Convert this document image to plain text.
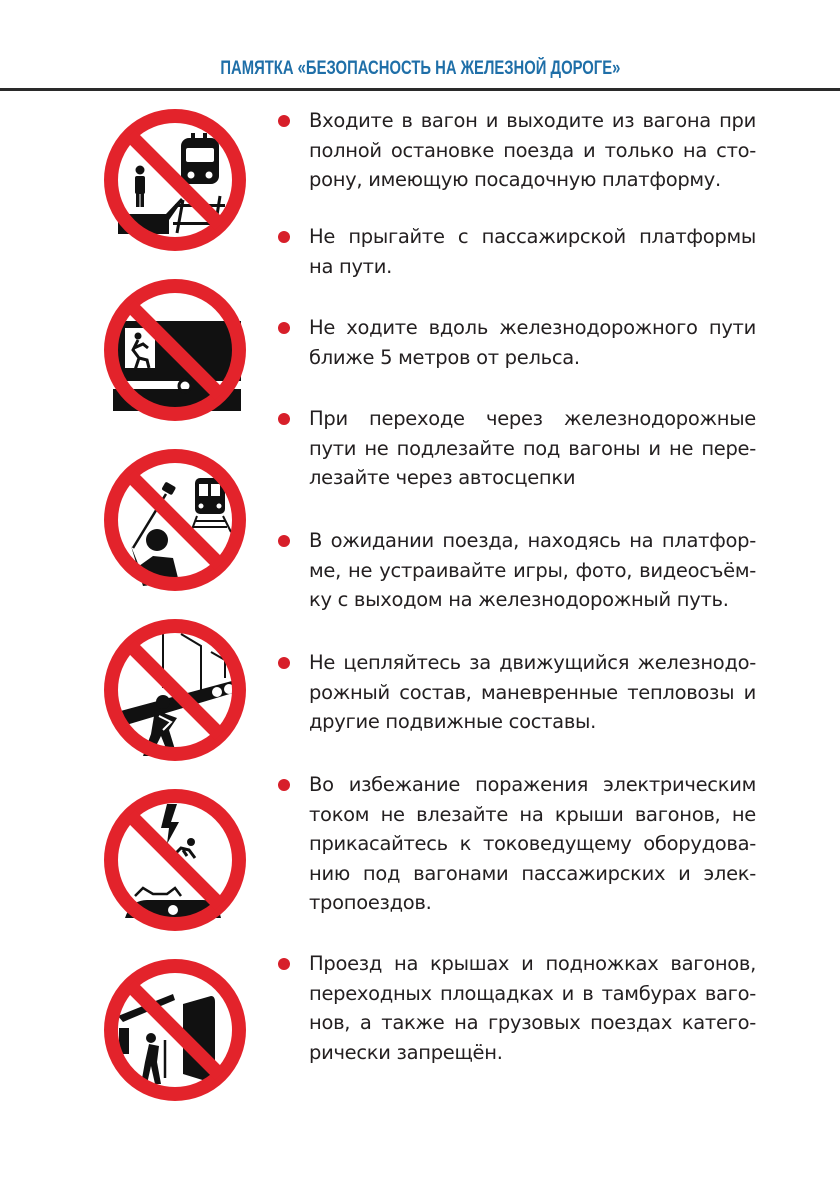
ПАМЯТКА «БЕЗОПАСНОСТЬ НА ЖЕЛЕЗНОЙ ДОРОГЕ»
Входите в вагон и выходите из вагона при
полной остановке поезда и только на сто-
рону, имеющую посадочную платформу.
Не прыгайте с пассажирской платформы
на пути.
Не ходите вдоль железнодорожного пути
ближе 5 метров от рельса.
При переходе через железнодорожные
пути не подлезайте под вагоны и не пере-
лезайте через автосцепки
В ожидании поезда, находясь на платфор-
ме, не устраивайте игры, фото, видеосъём-
ку с выходом на железнодорожный путь.
Не цепляйтесь за движущийся железнодо-
рожный состав, маневренные тепловозы и
другие подвижные составы.
Во избежание поражения электрическим
током не влезайте на крыши вагонов, не
прикасайтесь к токоведущему оборудова-
нию под вагонами пассажирских и элек-
тропоездов.
Проезд на крышах и подножках вагонов,
переходных площадках и в тамбурах ваго-
нов, а также на грузовых поездах катего-
рически запрещён.
